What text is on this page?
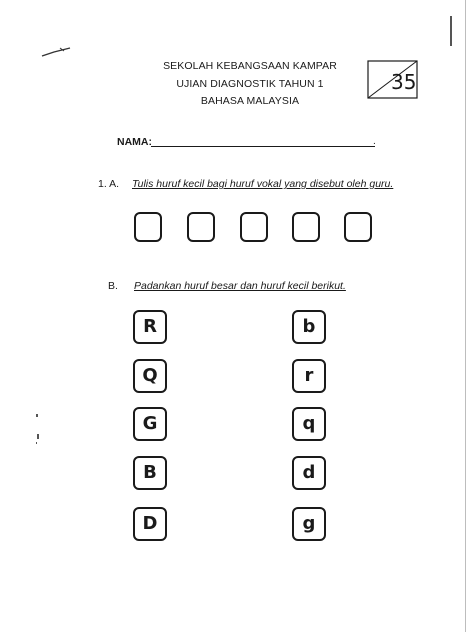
SEKOLAH KEBANGSAAN KAMPAR
UJIAN DIAGNOSTIK TAHUN 1
BAHASA MALAYSIA
35
NAMA:	.
1. A. Tulis huruf kecil bagi huruf vokal yang disebut oleh guru.
B. Padankan huruf besar dan huruf kecil berikut.
R
Q
G
B
D
b
r
q
d
g
